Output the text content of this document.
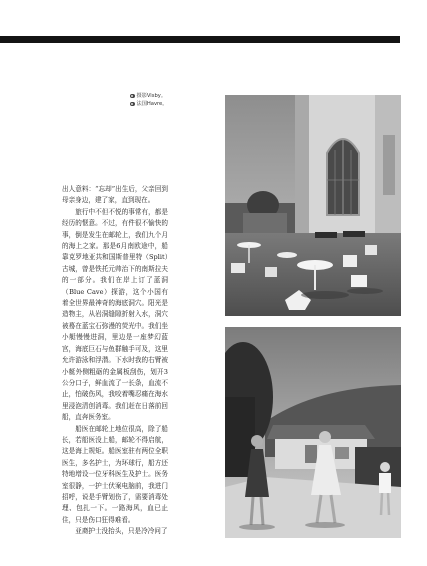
摄影Visby。
法国Havre。

出人意料：“忘却”出生后，父亲回到母亲身边，建了家，直到现在。

旅行中不但不悦的事常有，都是经历的惬意。不过，有件很不愉快的事，倒是发生在邮轮上，我们九个月的海上之家。那是6月南欧途中，船靠克罗地亚共和国斯普里特（Split）古城，曾是铁托元帅治下的南斯拉夫的一部分。我们在岸上订了蓝洞（Blue Cave）探游，这个小国有着全世界最神奇的海底洞穴。阳光是造物主，从岩洞缝隙折射入水，洞穴被蓦在蓝宝石弥漫的荧光中。我们坐小艇慢慢进洞，里边是一座梦幻蓝宫，海底巨石与鱼群触手可及，这里允许游泳和浮潜。下水时我的右臂被小艇外侧粗砺的金属板刮伤，划开3公分口子，鲜血流了一长条，血流不止，怕破伤风，我咬着嘴忍痛在海水里浸泡清创消毒。我们赶在日落前回船，直奔医务室。

船医在邮轮上地位很高，除了船长，若船医没上船，邮轮不得启航，这是海上规矩。船医室驻有两位全职医生，多名护士，为环球行，船方还特地增设一位牙科医生及护士。医务室很静，一护士伏案电脑前，我进门招呼，说是手臂划伤了，需要消毒处理、包扎一下。一路海风，血已止住，只是伤口狂得难看。

亚裔护士没抬头，只是冷冷问了
